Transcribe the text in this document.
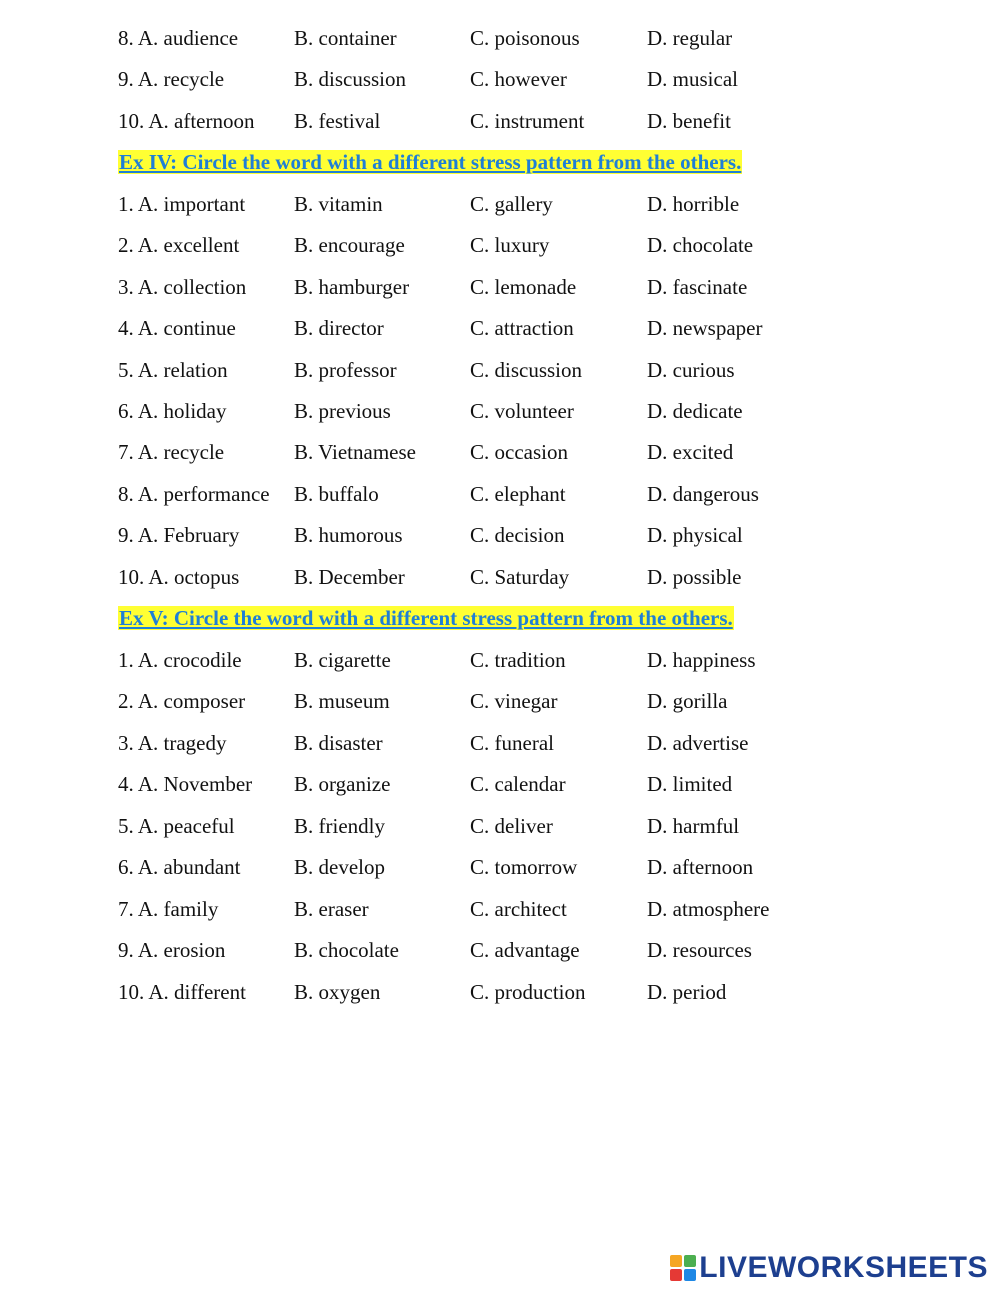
8. A. audience	B. container	C. poisonous	D. regular
9. A. recycle	B. discussion	C. however	D. musical
10. A. afternoon B. festival	C. instrument	D. benefit
Ex IV: Circle the word with a different stress pattern from the others.
1. A. important B. vitamin	C. gallery	D. horrible
2. A. excellent	B. encourage	C. luxury	D. chocolate
3. A. collection B. hamburger	C. lemonade	D. fascinate
4. A. continue	B. director	C. attraction	D. newspaper
5. A. relation	B. professor	C. discussion	D. curious
6. A. holiday	B. previous	C. volunteer	D. dedicate
7. A. recycle	B. Vietnamese	C. occasion	D. excited
8. A. performance B. buffalo	C. elephant	D. dangerous
9. A. February	B. humorous	C. decision	D. physical
10. A. octopus	B. December	C. Saturday	D. possible
Ex V: Circle the word with a different stress pattern from the others.
1. A. crocodile B. cigarette	C. tradition	D. happiness
2. A. composer B. museum	C. vinegar	D. gorilla
3. A. tragedy	B. disaster	C. funeral	D. advertise
4. A. November B. organize	C. calendar	D. limited
5. A. peaceful	B. friendly	C. deliver	D. harmful
6. A. abundant	B. develop	C. tomorrow	D. afternoon
7. A. family	B. eraser	C. architect	D. atmosphere
9. A. erosion	B. chocolate	C. advantage	D. resources
10. A. different B. oxygen	C. production	D. period
LIVEWORKSHEETS
